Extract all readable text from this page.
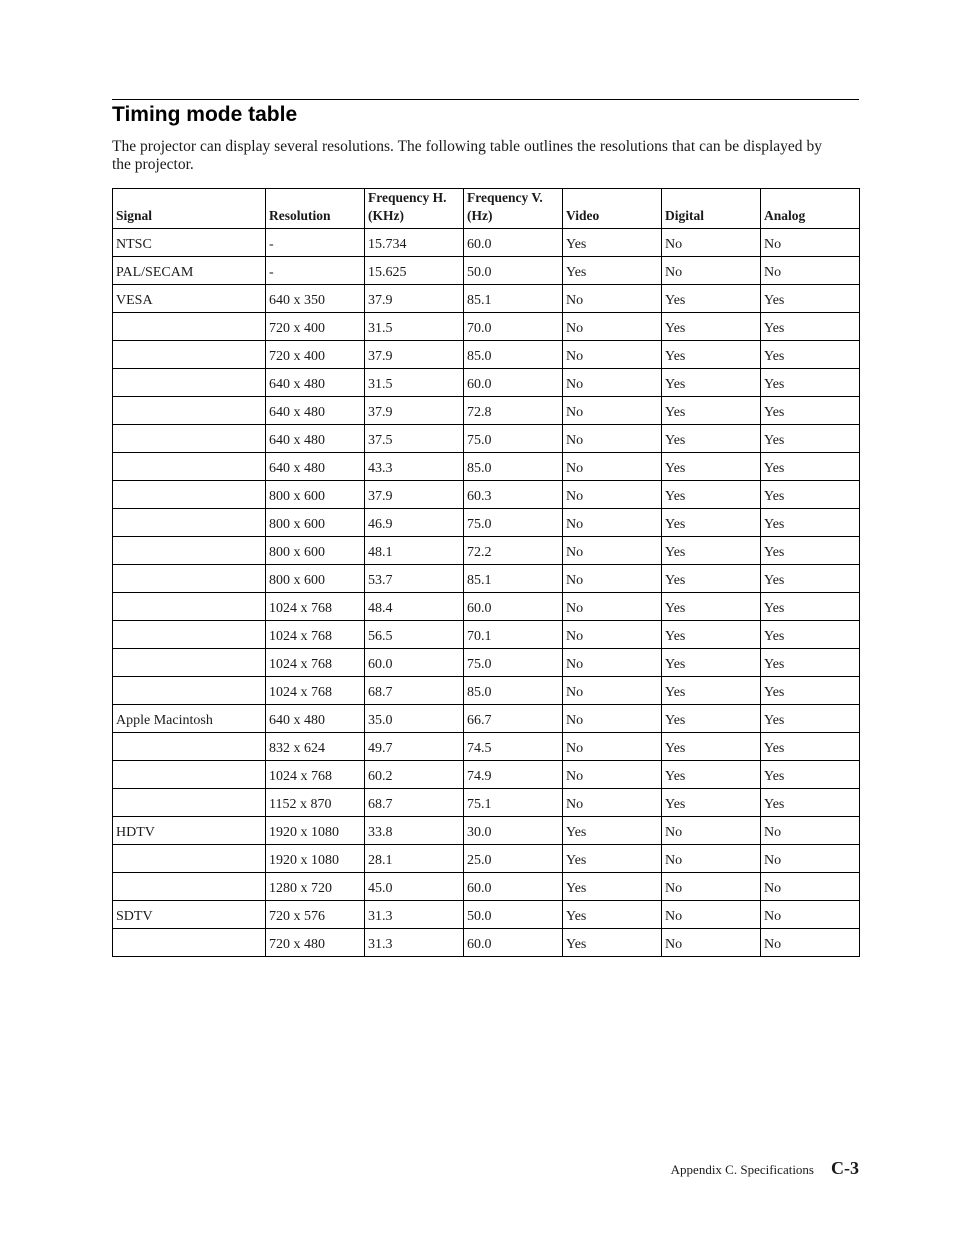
Timing mode table

The projector can display several resolutions. The following table outlines the resolutions that can be displayed by the projector.

Signal	Resolution	Frequency H. (KHz)	Frequency V. (Hz)	Video	Digital	Analog
NTSC	-	15.734	60.0	Yes	No	No
PAL/SECAM	-	15.625	50.0	Yes	No	No
VESA	640 x 350	37.9	85.1	No	Yes	Yes
	720 x 400	31.5	70.0	No	Yes	Yes
	720 x 400	37.9	85.0	No	Yes	Yes
	640 x 480	31.5	60.0	No	Yes	Yes
	640 x 480	37.9	72.8	No	Yes	Yes
	640 x 480	37.5	75.0	No	Yes	Yes
	640 x 480	43.3	85.0	No	Yes	Yes
	800 x 600	37.9	60.3	No	Yes	Yes
	800 x 600	46.9	75.0	No	Yes	Yes
	800 x 600	48.1	72.2	No	Yes	Yes
	800 x 600	53.7	85.1	No	Yes	Yes
	1024 x 768	48.4	60.0	No	Yes	Yes
	1024 x 768	56.5	70.1	No	Yes	Yes
	1024 x 768	60.0	75.0	No	Yes	Yes
	1024 x 768	68.7	85.0	No	Yes	Yes
Apple Macintosh	640 x 480	35.0	66.7	No	Yes	Yes
	832 x 624	49.7	74.5	No	Yes	Yes
	1024 x 768	60.2	74.9	No	Yes	Yes
	1152 x 870	68.7	75.1	No	Yes	Yes
HDTV	1920 x 1080	33.8	30.0	Yes	No	No
	1920 x 1080	28.1	25.0	Yes	No	No
	1280 x 720	45.0	60.0	Yes	No	No
SDTV	720 x 576	31.3	50.0	Yes	No	No
	720 x 480	31.3	60.0	Yes	No	No
Appendix C. Specifications C-3
